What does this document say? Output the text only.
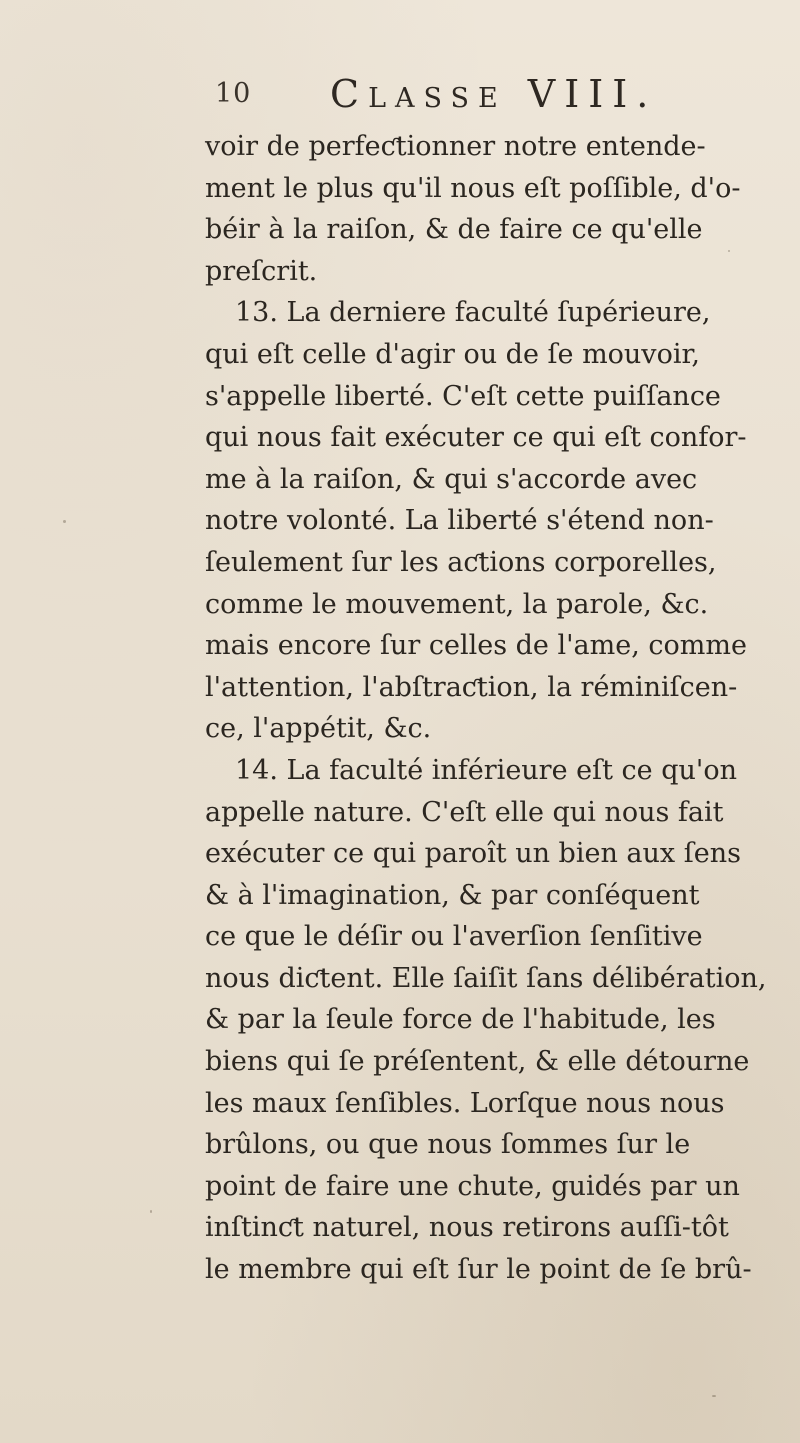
10 Classe VIII.
voir de perfeƈtionner notre entende-
ment le plus qu'il nous eſt poſſible, d'o-
béir à la raiſon, & de faire ce qu'elle
preſcrit.
13. La derniere faculté ſupérieure,
qui eſt celle d'agir ou de ſe mouvoir,
s'appelle liberté. C'eſt cette puiſſance
qui nous fait exécuter ce qui eſt confor-
me à la raiſon, & qui s'accorde avec
notre volonté. La liberté s'étend non-
ſeulement ſur les aƈtions corporelles,
comme le mouvement, la parole, &c.
mais encore ſur celles de l'ame, comme
l'attention, l'abſtraƈtion, la réminiſcen-
ce, l'appétit, &c.
14. La faculté inférieure eſt ce qu'on
appelle nature. C'eſt elle qui nous fait
exécuter ce qui paroît un bien aux ſens
& à l'imagination, & par conſéquent
ce que le déſir ou l'averſion ſenſitive
nous diƈtent. Elle ſaiſit ſans délibération,
& par la ſeule force de l'habitude, les
biens qui ſe préſentent, & elle détourne
les maux ſenſibles. Lorſque nous nous
brûlons, ou que nous ſommes ſur le
point de faire une chute, guidés par un
inſtinƈt naturel, nous retirons auſſi-tôt
le membre qui eſt ſur le point de ſe brû-
